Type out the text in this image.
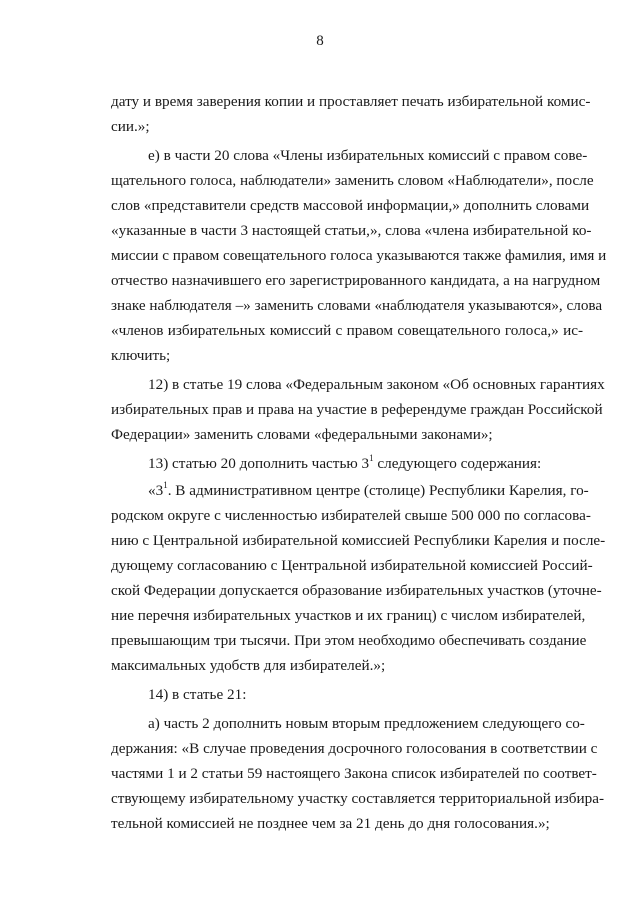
8
дату и время заверения копии и проставляет печать избирательной комис-
сии.»;
е) в части 20 слова «Члены избирательных комиссий с правом сове-
щательного голоса, наблюдатели» заменить словом «Наблюдатели», после
слов «представители средств массовой информации,» дополнить словами
«указанные в части 3 настоящей статьи,», слова «члена избирательной ко-
миссии с правом совещательного голоса указываются также фамилия, имя и
отчество назначившего его зарегистрированного кандидата, а на нагрудном
знаке наблюдателя –» заменить словами «наблюдателя указываются», слова
«членов избирательных комиссий с правом совещательного голоса,» ис-
ключить;
12) в статье 19 слова «Федеральным законом «Об основных гарантиях
избирательных прав и права на участие в референдуме граждан Российской
Федерации» заменить словами «федеральными законами»;
13) статью 20 дополнить частью $3^1$ следующего содержания:
«$3^1$. В административном центре (столице) Республики Карелия, го-
родском округе с численностью избирателей свыше 500 000 по согласова-
нию с Центральной избирательной комиссией Республики Карелия и после-
дующему согласованию с Центральной избирательной комиссией Россий-
ской Федерации допускается образование избирательных участков (уточне-
ние перечня избирательных участков и их границ) с числом избирателей,
превышающим три тысячи. При этом необходимо обеспечивать создание
максимальных удобств для избирателей.»;
14) в статье 21:
а) часть 2 дополнить новым вторым предложением следующего со-
держания: «В случае проведения досрочного голосования в соответствии с
частями 1 и 2 статьи 59 настоящего Закона список избирателей по соответ-
ствующему избирательному участку составляется территориальной избира-
тельной комиссией не позднее чем за 21 день до дня голосования.»;
